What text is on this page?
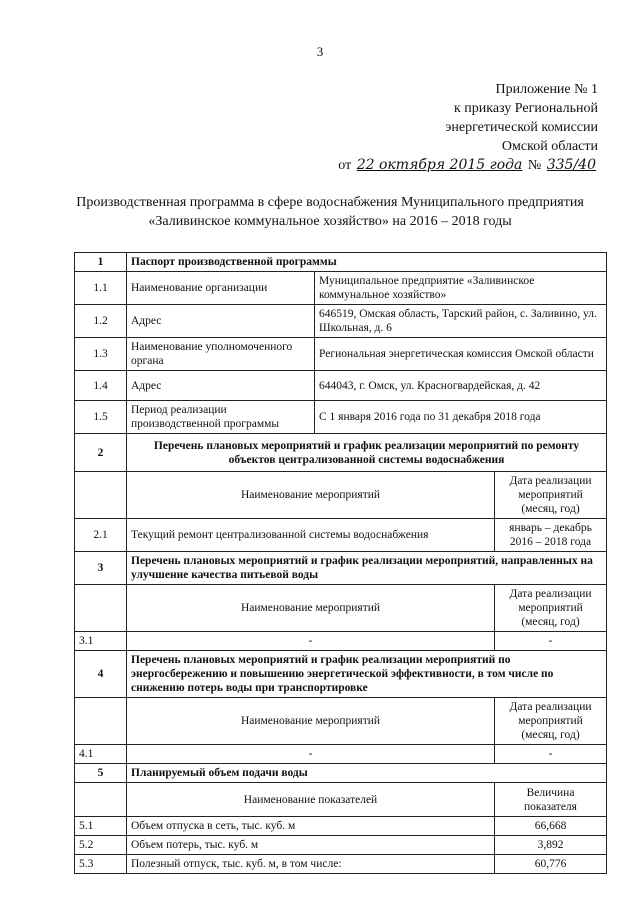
3
Приложение № 1
к приказу Региональной
энергетической комиссии
Омской области
от 22 октября 2015 года № 335/40
Производственная программа в сфере водоснабжения Муниципального предприятия «Заливинское коммунальное хозяйство» на 2016 – 2018 годы
1	Паспорт производственной программы		
1.1	Наименование организации	Муниципальное предприятие «Заливинское коммунальное хозяйство»	
1.2	Адрес	646519, Омская область, Тарский район, с. Заливино, ул. Школьная, д. 6	
1.3	Наименование уполномоченного органа	Региональная энергетическая комиссия Омской области	
1.4	Адрес	644043, г. Омск, ул. Красногвардейская, д. 42	
1.5	Период реализации производственной программы	С 1 января 2016 года по 31 декабря 2018 года	
2	Перечень плановых мероприятий и график реализации мероприятий по ремонту объектов централизованной системы водоснабжения		
	Наименование мероприятий		Дата реализации мероприятий (месяц, год)
2.1	Текущий ремонт централизованной системы водоснабжения		январь – декабрь 2016 – 2018 года
3	Перечень плановых мероприятий и график реализации мероприятий, направленных на улучшение качества питьевой воды		
	Наименование мероприятий		Дата реализации мероприятий (месяц, год)
3.1	-		-
4	Перечень плановых мероприятий и график реализации мероприятий по энергосбережению и повышению энергетической эффективности, в том числе по снижению потерь воды при транспортировке		
	Наименование мероприятий		Дата реализации мероприятий (месяц, год)
4.1	-		-
5	Планируемый объем подачи воды		
	Наименование показателей		Величина показателя
5.1	Объем отпуска в сеть, тыс. куб. м		66,668
5.2	Объем потерь, тыс. куб. м		3,892
5.3	Полезный отпуск, тыс. куб. м, в том числе:		60,776
